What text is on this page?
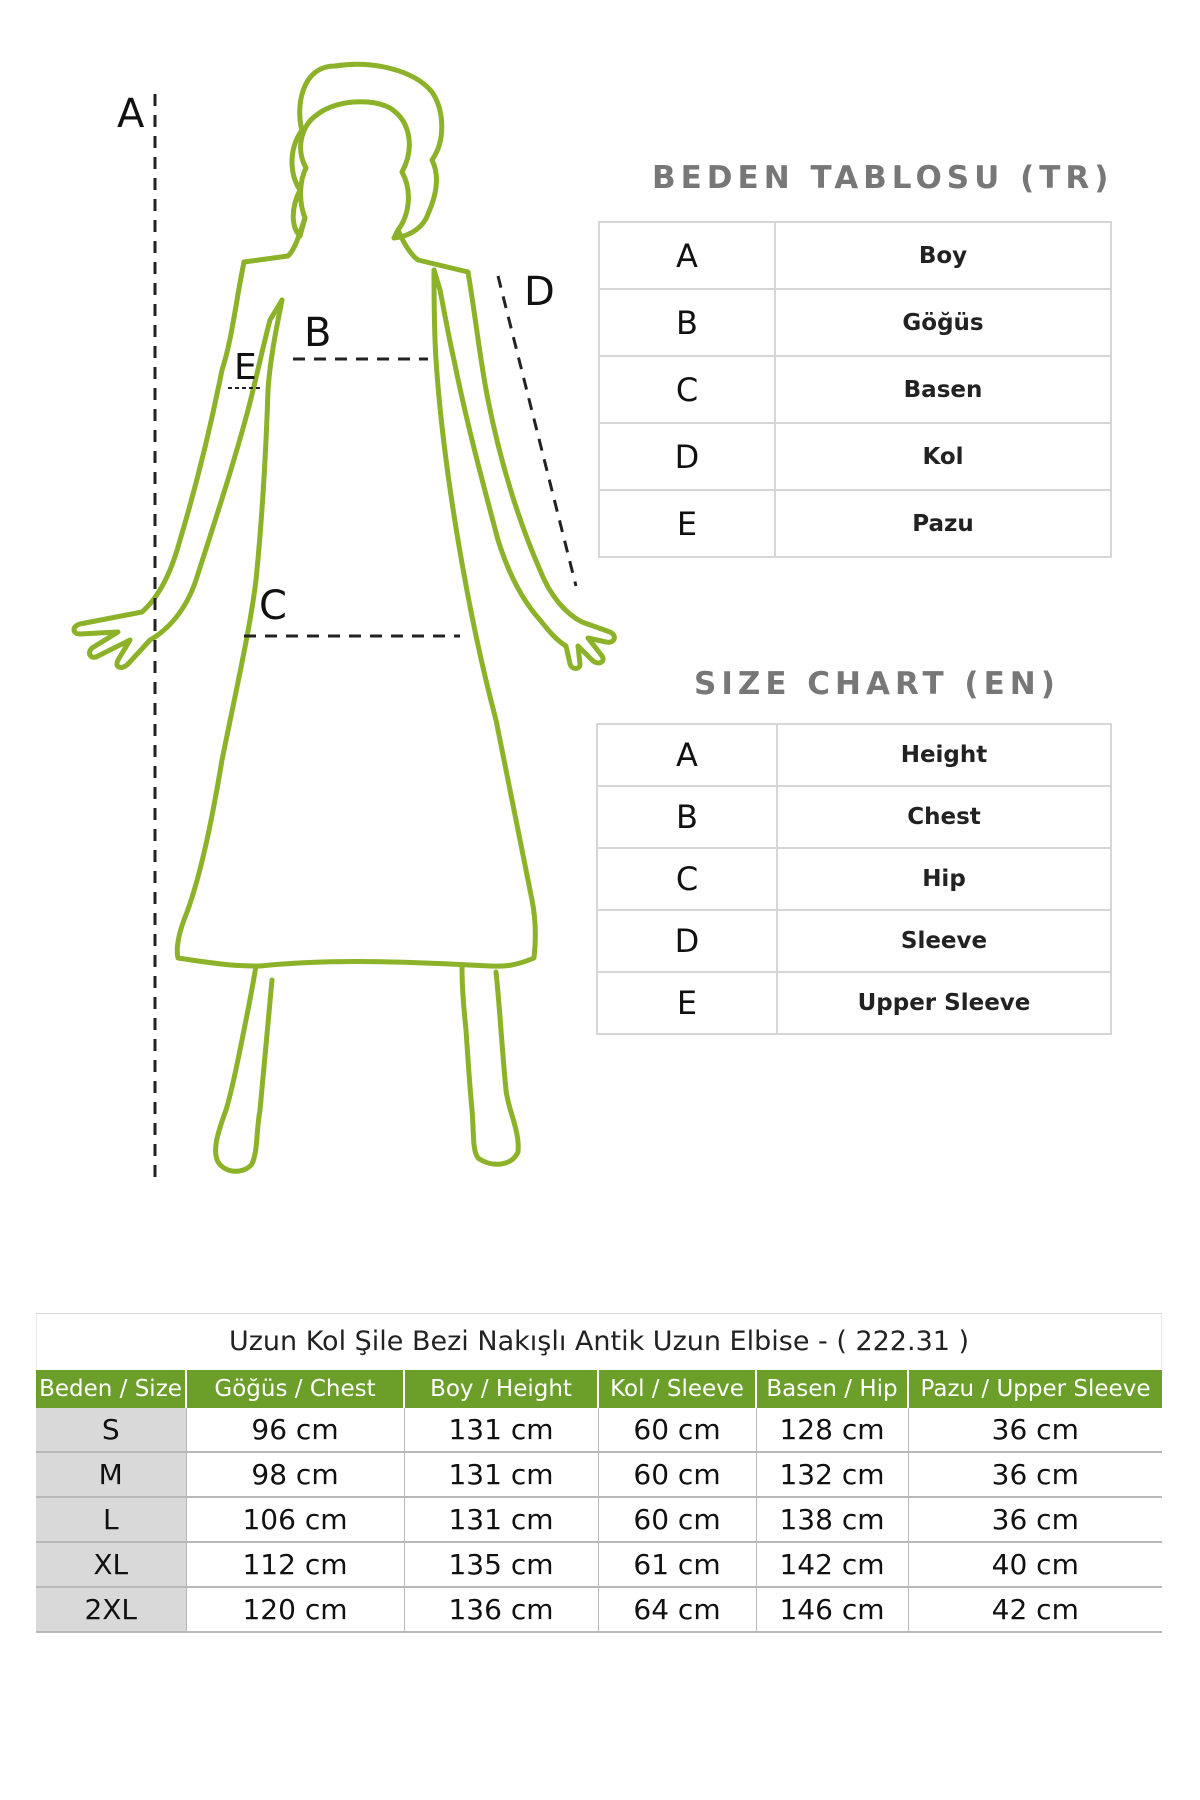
A
B
E
D
C
BEDEN TABLOSU (TR)
A	Boy
B	Göğüs
C	Basen
D	Kol
E	Pazu
SIZE CHART (EN)
A	Height
B	Chest
C	Hip
D	Sleeve
E	Upper Sleeve
Uzun Kol Şile Bezi Nakışlı Antik Uzun Elbise - ( 222.31 )
Beden / Size	Göğüs / Chest	Boy / Height	Kol / Sleeve	Basen / Hip	Pazu / Upper Sleeve
S	96 cm	131 cm	60 cm	128 cm	36 cm
M	98 cm	131 cm	60 cm	132 cm	36 cm
L	106 cm	131 cm	60 cm	138 cm	36 cm
XL	112 cm	135 cm	61 cm	142 cm	40 cm
2XL	120 cm	136 cm	64 cm	146 cm	42 cm
